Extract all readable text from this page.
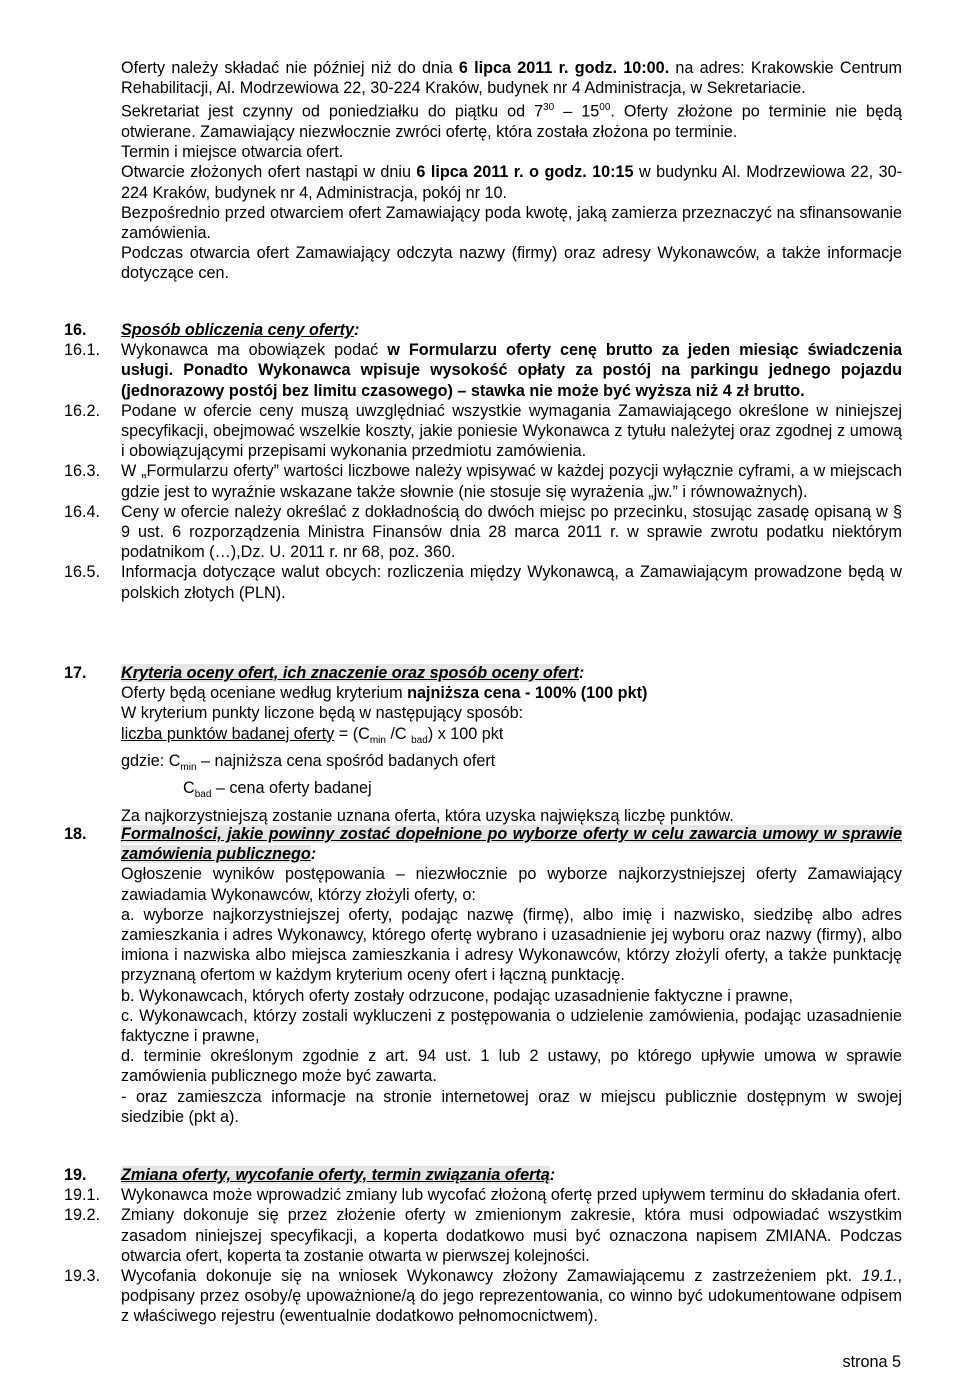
Oferty należy składać nie później niż do dnia 6 lipca 2011 r. godz. 10:00. na adres: Krakowskie Centrum Rehabilitacji, Al. Modrzewiowa 22, 30-224 Kraków, budynek nr 4 Administracja, w Sekretariacie.

Sekretariat jest czynny od poniedziałku do piątku od $7^{30} - 15^{00}$. Oferty złożone po terminie nie będą otwierane. Zamawiający niezwłocznie zwróci ofertę, która została złożona po terminie.

Termin i miejsce otwarcia ofert.

Otwarcie złożonych ofert nastąpi w dniu 6 lipca 2011 r. o godz. 10:15 w budynku Al. Modrzewiowa 22, 30-224 Kraków, budynek nr 4, Administracja, pokój nr 10.

Bezpośrednio przed otwarciem ofert Zamawiający poda kwotę, jaką zamierza przeznaczyć na sfinansowanie zamówienia.

Podczas otwarcia ofert Zamawiający odczyta nazwy (firmy) oraz adresy Wykonawców, a także informacje dotyczące cen.

16. Sposób obliczenia ceny oferty:

16.1. Wykonawca ma obowiązek podać w Formularzu oferty cenę brutto za jeden miesiąc świadczenia usługi. Ponadto Wykonawca wpisuje wysokość opłaty za postój na parkingu jednego pojazdu (jednorazowy postój bez limitu czasowego) – stawka nie może być wyższa niż 4 zł brutto.

16.2. Podane w ofercie ceny muszą uwzględniać wszystkie wymagania Zamawiającego określone w niniejszej specyfikacji, obejmować wszelkie koszty, jakie poniesie Wykonawca z tytułu należytej oraz zgodnej z umową i obowiązującymi przepisami wykonania przedmiotu zamówienia.

16.3. W „Formularzu oferty” wartości liczbowe należy wpisywać w każdej pozycji wyłącznie cyframi, a w miejscach gdzie jest to wyraźnie wskazane także słownie (nie stosuje się wyrażenia „jw.” i równoważnych).

16.4. Ceny w ofercie należy określać z dokładnością do dwóch miejsc po przecinku, stosując zasadę opisaną w § 9 ust. 6 rozporządzenia Ministra Finansów dnia 28 marca 2011 r. w sprawie zwrotu podatku niektórym podatnikom (…),Dz. U. 2011 r. nr 68, poz. 360.

16.5. Informacja dotyczące walut obcych: rozliczenia między Wykonawcą, a Zamawiającym prowadzone będą w polskich złotych (PLN).

17. Kryteria oceny ofert, ich znaczenie oraz sposób oceny ofert:

Oferty będą oceniane według kryterium najniższa cena - 100% (100 pkt)

W kryterium punkty liczone będą w następujący sposób:

liczba punktów badanej oferty = ($C_{min}$ /C $_{bad}$) x 100 pkt

gdzie: $C_{min}$ – najniższa cena spośród badanych ofert

$C_{bad}$ – cena oferty badanej

Za najkorzystniejszą zostanie uznana oferta, która uzyska największą liczbę punktów.

18. Formalności, jakie powinny zostać dopełnione po wyborze oferty w celu zawarcia umowy w sprawie zamówienia publicznego:

Ogłoszenie wyników postępowania – niezwłocznie po wyborze najkorzystniejszej oferty Zamawiający zawiadamia Wykonawców, którzy złożyli oferty, o:

a. wyborze najkorzystniejszej oferty, podając nazwę (firmę), albo imię i nazwisko, siedzibę albo adres zamieszkania i adres Wykonawcy, którego ofertę wybrano i uzasadnienie jej wyboru oraz nazwy (firmy), albo imiona i nazwiska albo miejsca zamieszkania i adresy Wykonawców, którzy złożyli oferty, a także punktację przyznaną ofertom w każdym kryterium oceny ofert i łączną punktację.

b. Wykonawcach, których oferty zostały odrzucone, podając uzasadnienie faktyczne i prawne,

c. Wykonawcach, którzy zostali wykluczeni z postępowania o udzielenie zamówienia, podając uzasadnienie faktyczne i prawne,

d. terminie określonym zgodnie z art. 94 ust. 1 lub 2 ustawy, po którego upływie umowa w sprawie zamówienia publicznego może być zawarta.

- oraz zamieszcza informacje na stronie internetowej oraz w miejscu publicznie dostępnym w swojej siedzibie (pkt a).

19. Zmiana oferty, wycofanie oferty, termin związania ofertą:

19.1. Wykonawca może wprowadzić zmiany lub wycofać złożoną ofertę przed upływem terminu do składania ofert.

19.2. Zmiany dokonuje się przez złożenie oferty w zmienionym zakresie, która musi odpowiadać wszystkim zasadom niniejszej specyfikacji, a koperta dodatkowo musi być oznaczona napisem ZMIANA. Podczas otwarcia ofert, koperta ta zostanie otwarta w pierwszej kolejności.

19.3. Wycofania dokonuje się na wniosek Wykonawcy złożony Zamawiającemu z zastrzeżeniem pkt. 19.1., podpisany przez osoby/ę upoważnione/ą do jego reprezentowania, co winno być udokumentowane odpisem z właściwego rejestru (ewentualnie dodatkowo pełnomocnictwem).

strona 5
